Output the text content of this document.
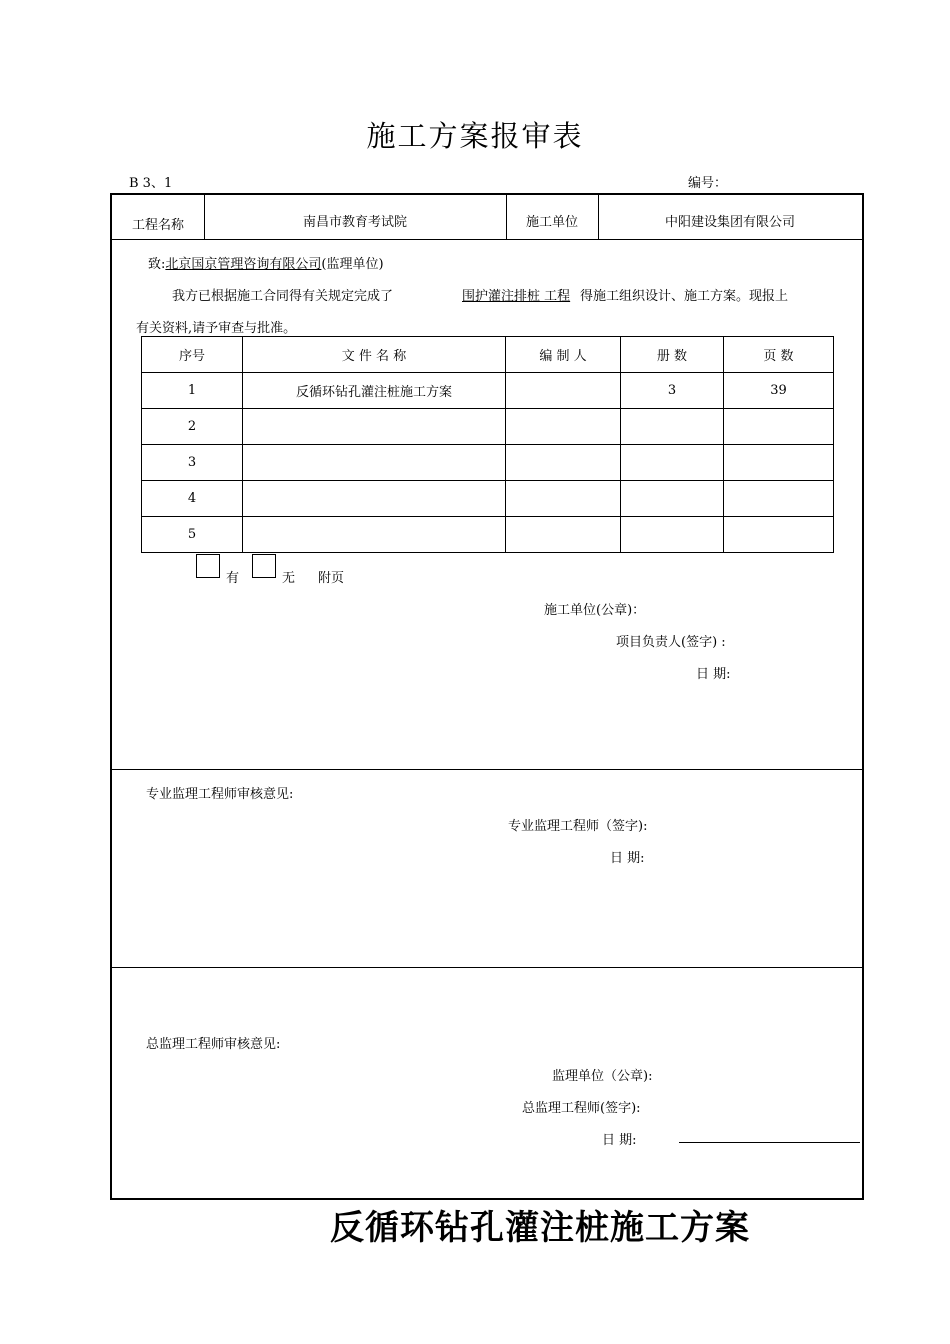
施工方案报审表
B 3、1	编号：
工程名称	南昌市教育考试院	施工单位	中阳建设集团有限公司
致:北京国京管理咨询有限公司(监理单位)
我方已根据施工合同得有关规定完成了	围护灌注排桩 工程 得施工组织设计、施工方案。现报上
有关资料,请予审查与批准。
序号	文 件 名 称	编 制 人	册 数	页 数
1	反循环钻孔灌注桩施工方案		3	39
2				
3				
4				
5				
有	无 附页
施工单位(公章)：
项目负责人(签字) :
日 期:
专业监理工程师审核意见:
专业监理工程师（签字):
日 期:
总监理工程师审核意见:
监理单位（公章):
总监理工程师(签字):
日 期:
反循环钻孔灌注桩施工方案
